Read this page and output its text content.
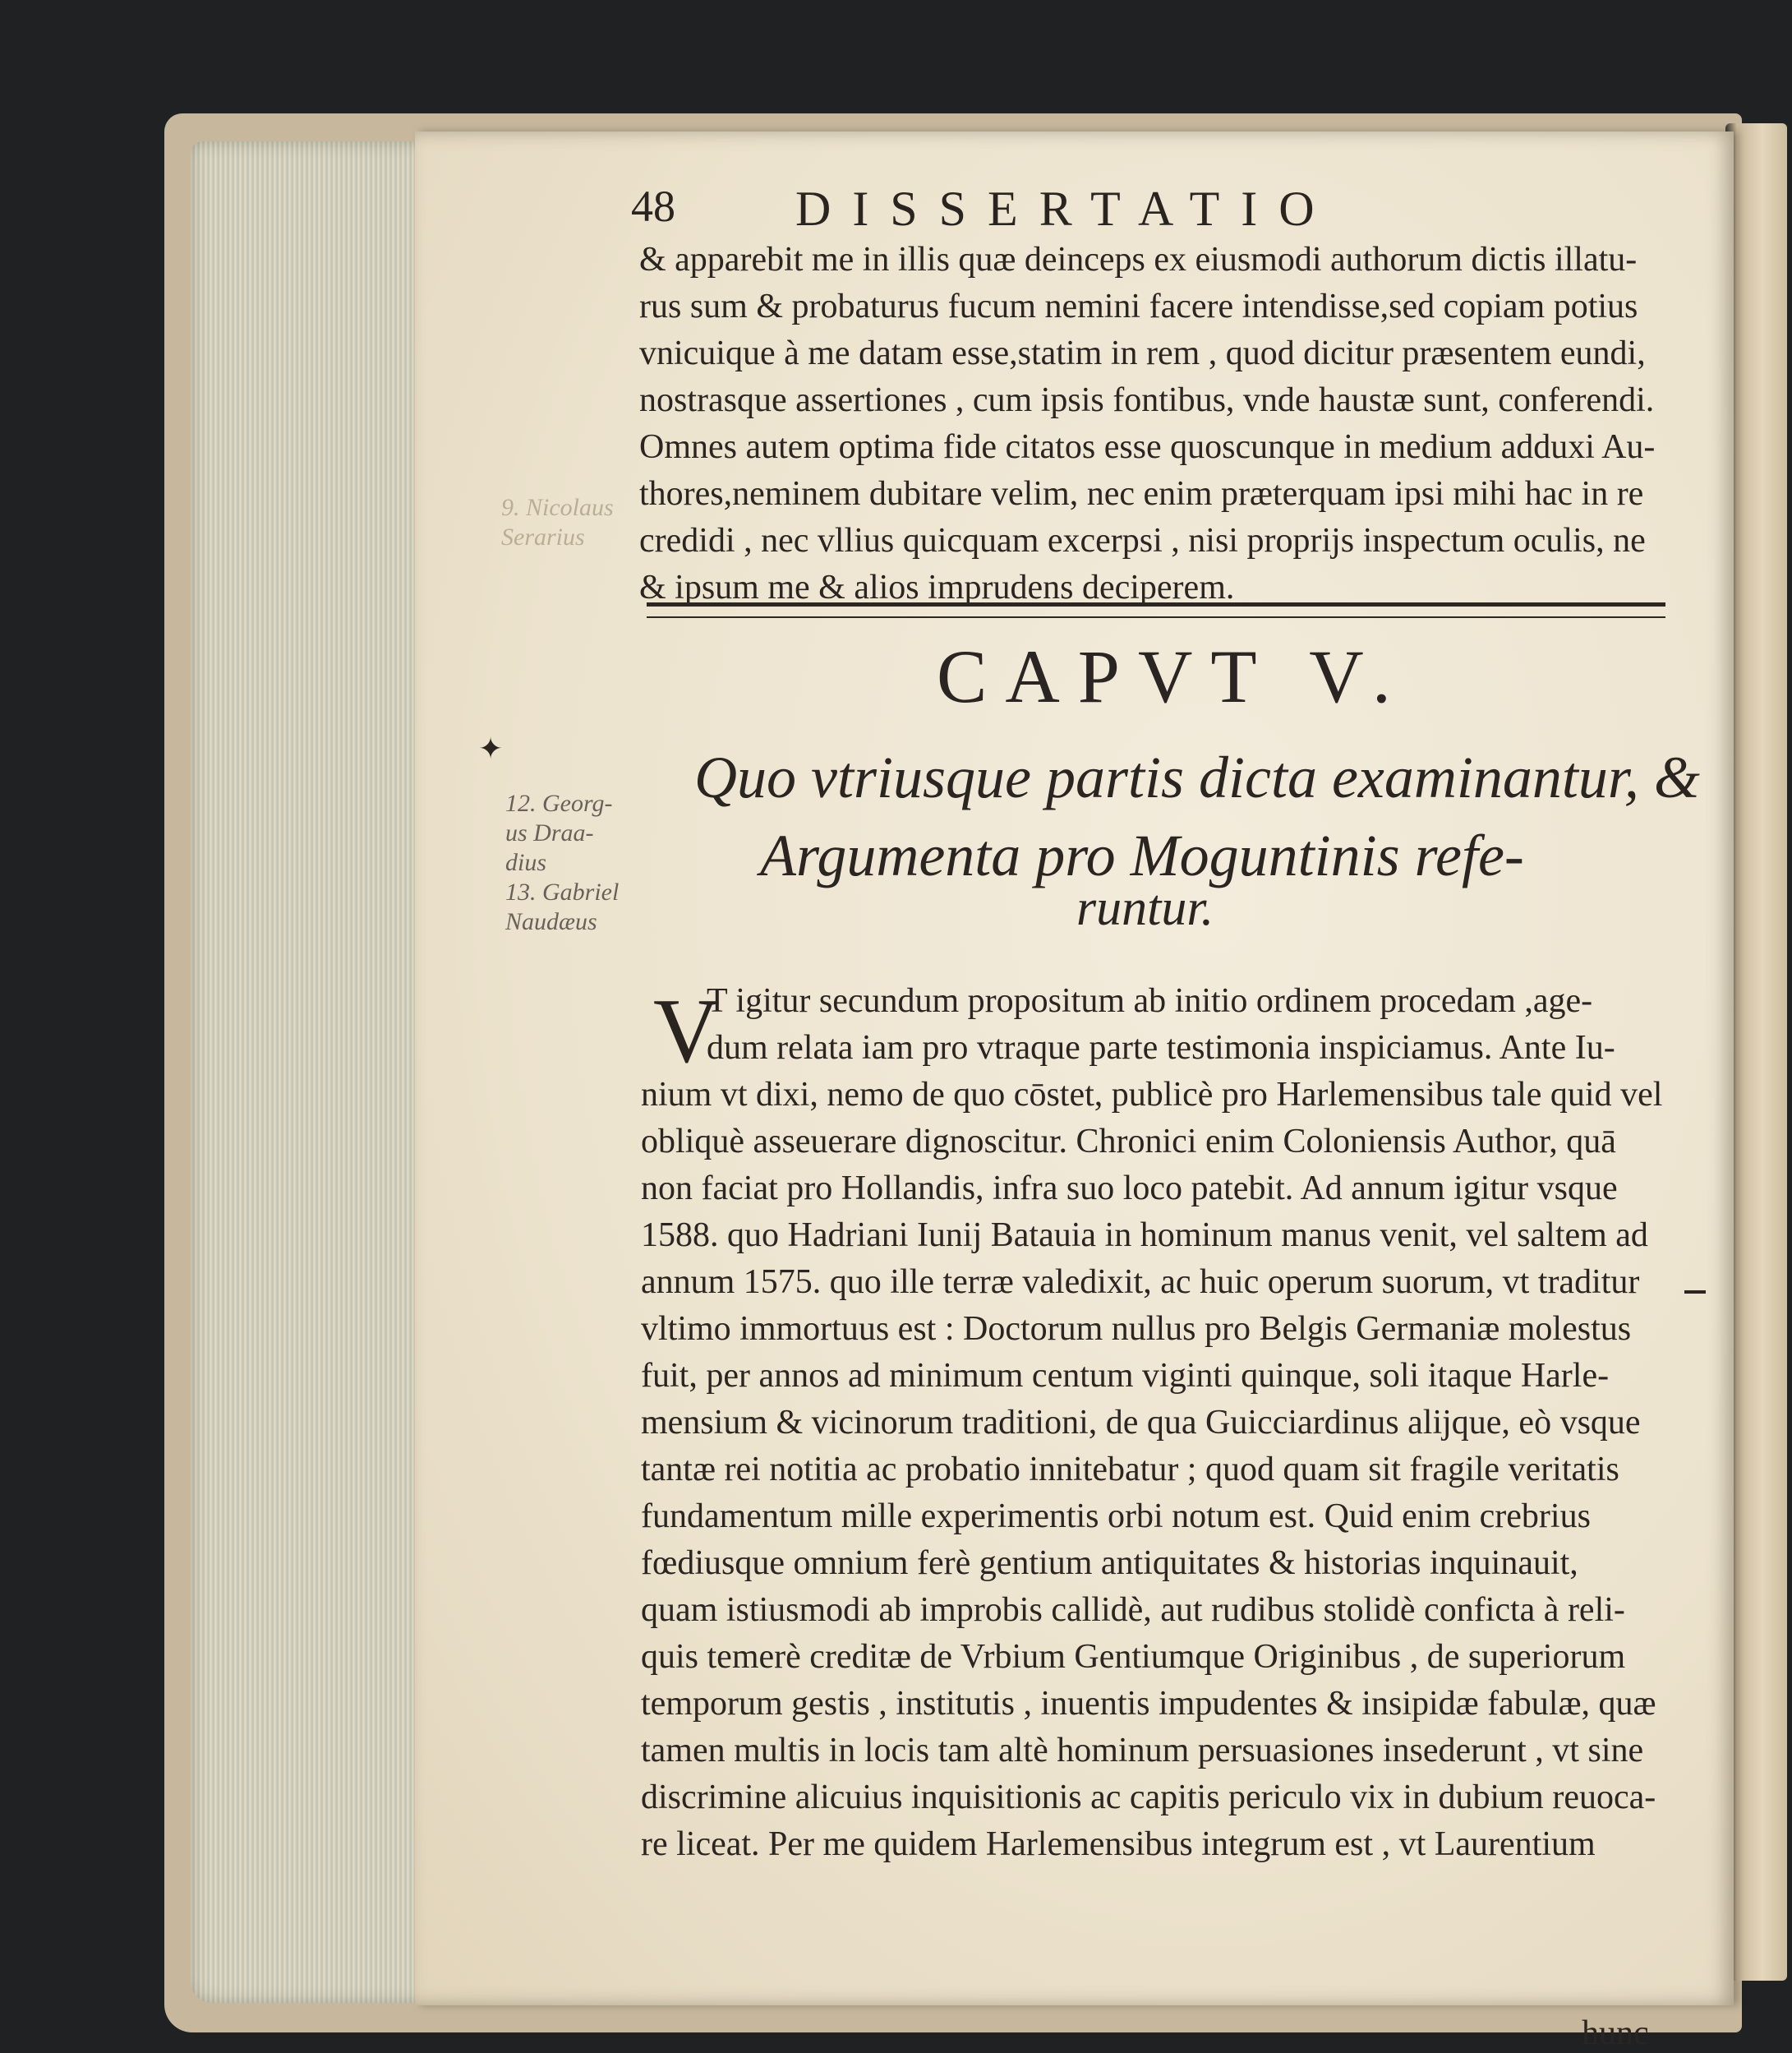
9. Nicolaus
Serarius
48 DISSERTATIO
& apparebit me in illis quæ deinceps ex eiusmodi authorum dictis illatu-
rus sum & probaturus fucum nemini facere intendisse,sed copiam potius
vnicuique à me datam esse,statim in rem , quod dicitur præsentem eundi,
nostrasque assertiones , cum ipsis fontibus, vnde haustæ sunt, conferendi.
Omnes autem optima fide citatos esse quoscunque in medium adduxi Au-
thores,neminem dubitare velim, nec enim præterquam ipsi mihi hac in re
credidi , nec vllius quicquam excerpsi , nisi proprijs inspectum oculis, ne
& ipsum me & alios imprudens deciperem.
CAPVT V.
Quo vtriusque partis dicta examinantur, &
Argumenta pro Moguntinis refe-
runtur.
12. Georg-
us Draa-
dius
13. Gabriel
Naudæus
V
T igitur secundum propositum ab initio ordinem procedam ,age-
dum relata iam pro vtraque parte testimonia inspiciamus. Ante Iu-
nium vt dixi, nemo de quo cōstet, publicè pro Harlemensibus tale quid vel
obliquè asseuerare dignoscitur. Chronici enim Coloniensis Author, quā
non faciat pro Hollandis, infra suo loco patebit. Ad annum igitur vsque
1588. quo Hadriani Iunij Batauia in hominum manus venit, vel saltem ad
annum 1575. quo ille terræ valedixit, ac huic operum suorum, vt traditur
vltimo immortuus est : Doctorum nullus pro Belgis Germaniæ molestus
fuit, per annos ad minimum centum viginti quinque, soli itaque Harle-
mensium & vicinorum traditioni, de qua Guicciardinus alijque, eò vsque
tantæ rei notitia ac probatio innitebatur ; quod quam sit fragile veritatis
fundamentum mille experimentis orbi notum est. Quid enim crebrius
fœdiusque omnium ferè gentium antiquitates & historias inquinauit,
quam istiusmodi ab improbis callidè, aut rudibus stolidè conficta à reli-
quis temerè creditæ de Vrbium Gentiumque Originibus , de superiorum
temporum gestis , institutis , inuentis impudentes & insipidæ fabulæ, quæ
tamen multis in locis tam altè hominum persuasiones insederunt , vt sine
discrimine alicuius inquisitionis ac capitis periculo vix in dubium reuoca-
re liceat. Per me quidem Harlemensibus integrum est , vt Laurentium
hunc
✦
